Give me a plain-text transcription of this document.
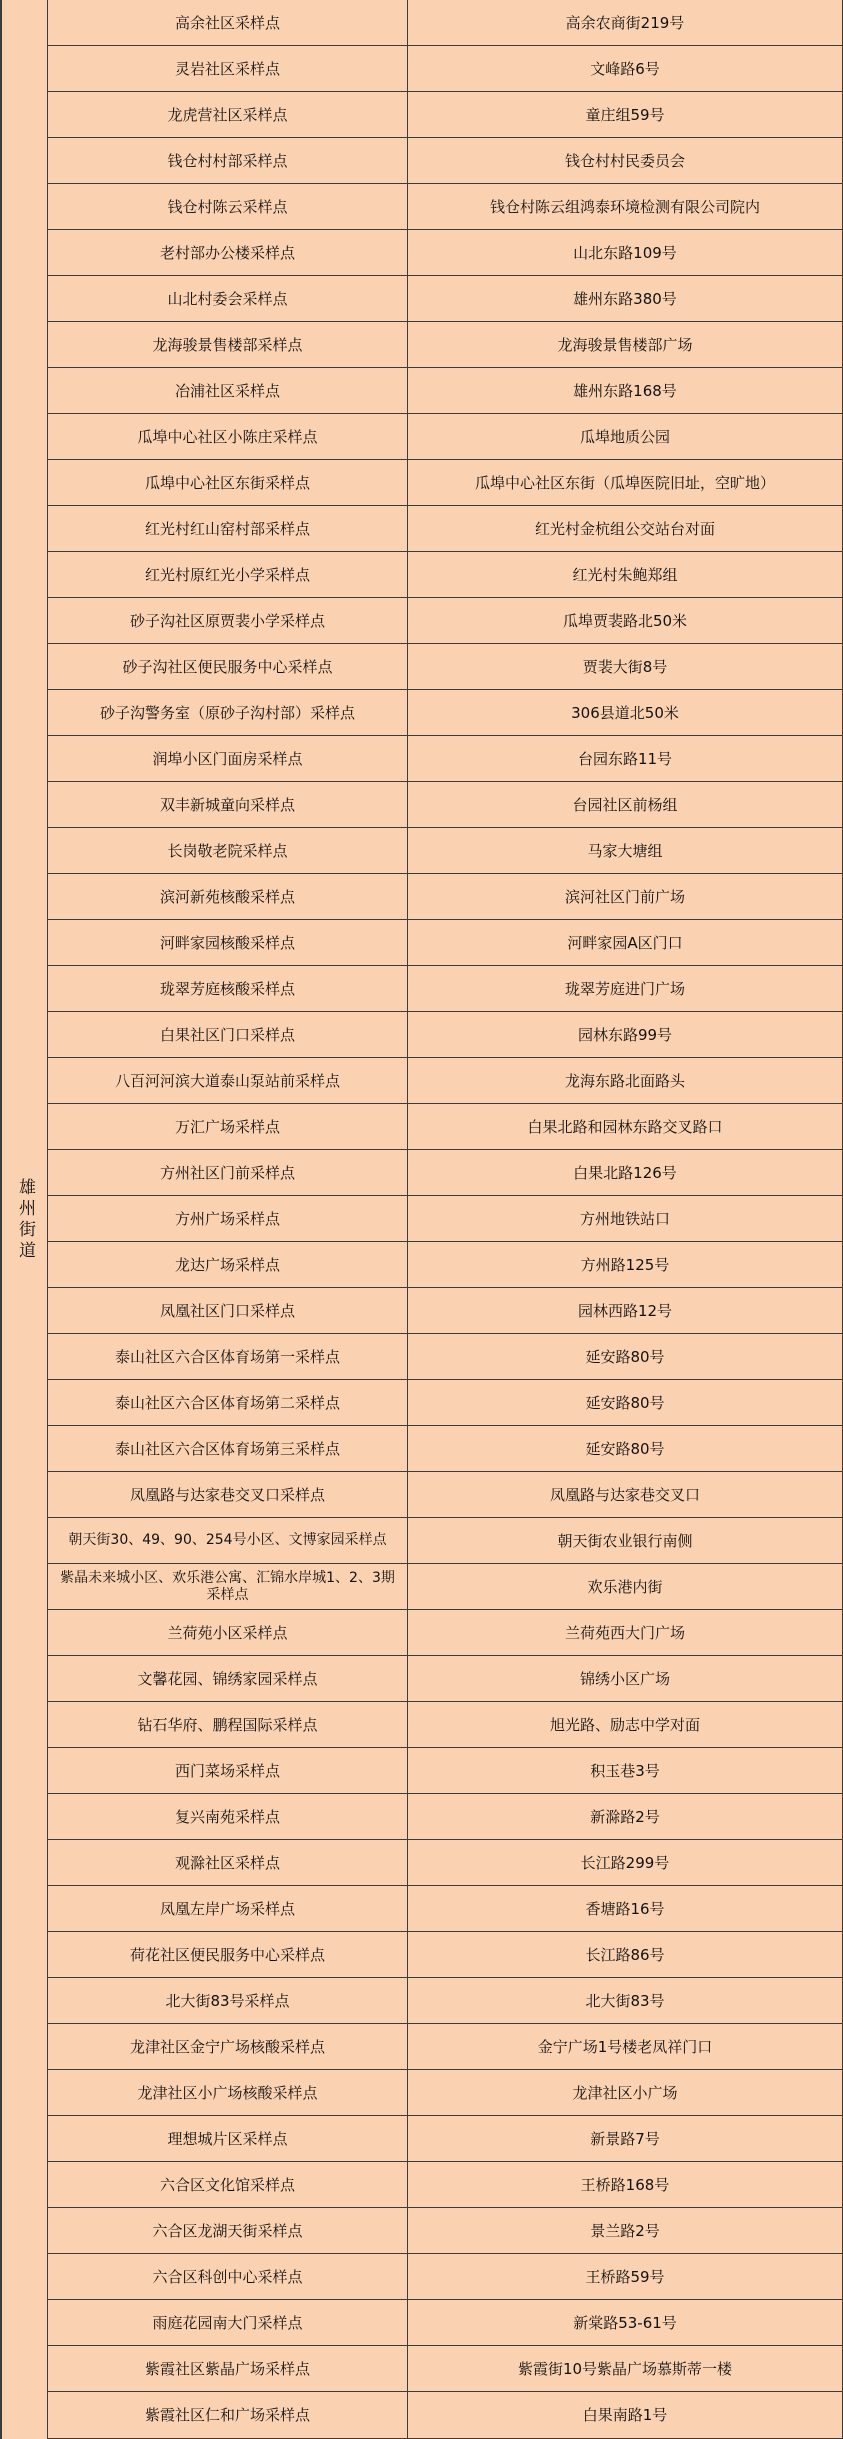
雄州街道
高余社区采样点	高余农商街219号
灵岩社区采样点	文峰路6号
龙虎营社区采样点	童庄组59号
钱仓村村部采样点	钱仓村村民委员会
钱仓村陈云采样点	钱仓村陈云组鸿泰环境检测有限公司院内
老村部办公楼采样点	山北东路109号
山北村委会采样点	雄州东路380号
龙海骏景售楼部采样点	龙海骏景售楼部广场
冶浦社区采样点	雄州东路168号
瓜埠中心社区小陈庄采样点	瓜埠地质公园
瓜埠中心社区东街采样点	瓜埠中心社区东街（瓜埠医院旧址，空旷地）
红光村红山窑村部采样点	红光村金杭组公交站台对面
红光村原红光小学采样点	红光村朱鲍郑组
砂子沟社区原贾裴小学采样点	瓜埠贾裴路北50米
砂子沟社区便民服务中心采样点	贾裴大街8号
砂子沟警务室（原砂子沟村部）采样点	306县道北50米
润埠小区门面房采样点	台园东路11号
双丰新城童向采样点	台园社区前杨组
长岗敬老院采样点	马家大塘组
滨河新苑核酸采样点	滨河社区门前广场
河畔家园核酸采样点	河畔家园A区门口
珑翠芳庭核酸采样点	珑翠芳庭进门广场
白果社区门口采样点	园林东路99号
八百河河滨大道泰山泵站前采样点	龙海东路北面路头
万汇广场采样点	白果北路和园林东路交叉路口
方州社区门前采样点	白果北路126号
方州广场采样点	方州地铁站口
龙达广场采样点	方州路125号
凤凰社区门口采样点	园林西路12号
泰山社区六合区体育场第一采样点	延安路80号
泰山社区六合区体育场第二采样点	延安路80号
泰山社区六合区体育场第三采样点	延安路80号
凤凰路与达家巷交叉口采样点	凤凰路与达家巷交叉口
朝天街30、49、90、254号小区、文博家园采样点	朝天街农业银行南侧
紫晶未来城小区、欢乐港公寓、汇锦水岸城1、2、3期采样点	欢乐港内街
兰荷苑小区采样点	兰荷苑西大门广场
文馨花园、锦绣家园采样点	锦绣小区广场
钻石华府、鹏程国际采样点	旭光路、励志中学对面
西门菜场采样点	积玉巷3号
复兴南苑采样点	新滁路2号
观滁社区采样点	长江路299号
凤凰左岸广场采样点	香塘路16号
荷花社区便民服务中心采样点	长江路86号
北大街83号采样点	北大街83号
龙津社区金宁广场核酸采样点	金宁广场1号楼老凤祥门口
龙津社区小广场核酸采样点	龙津社区小广场
理想城片区采样点	新景路7号
六合区文化馆采样点	王桥路168号
六合区龙湖天街采样点	景兰路2号
六合区科创中心采样点	王桥路59号
雨庭花园南大门采样点	新棠路53-61号
紫霞社区紫晶广场采样点	紫霞街10号紫晶广场慕斯蒂一楼
紫霞社区仁和广场采样点	白果南路1号
